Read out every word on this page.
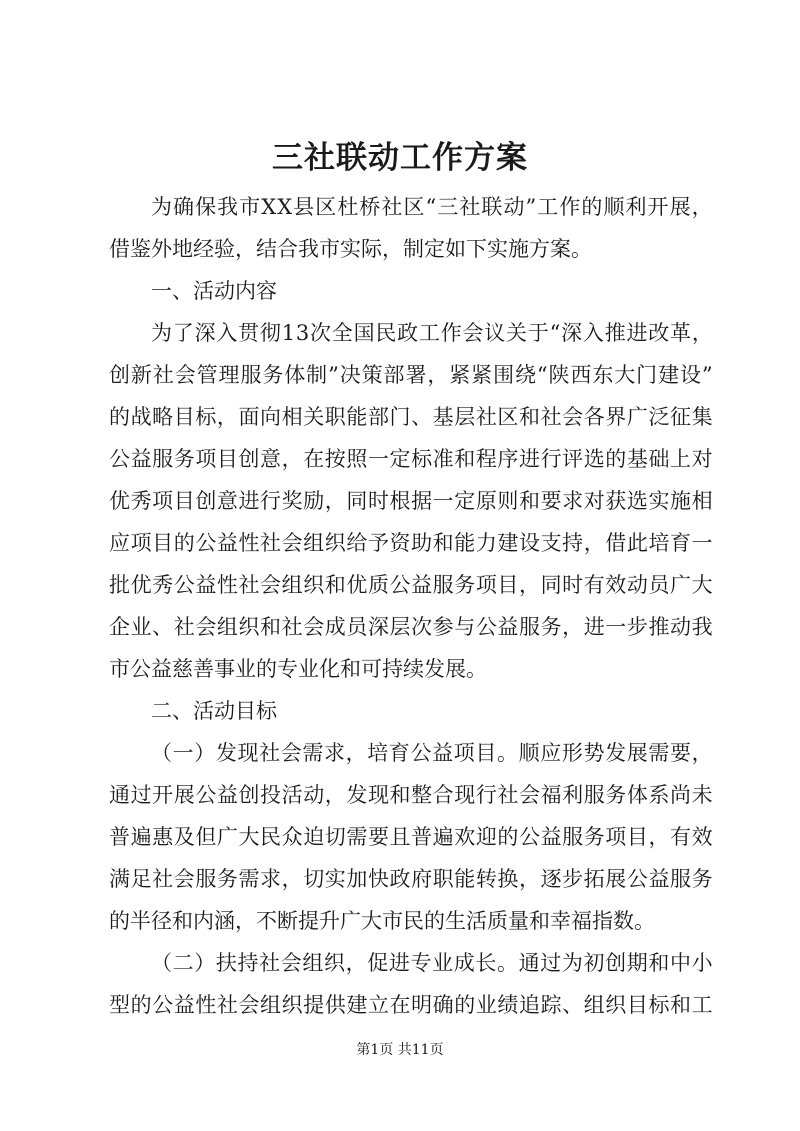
三社联动工作方案
为 确 保 我 市 X X 县 区 杜 桥 社 区 “ 三 社 联 动 ” 工 作 的 顺 利 开 展 ，
借鉴外地经验，结合我市实际，制定如下实施方案。
一、活动内容
为 了 深 入 贯 彻 1 3 次 全 国 民 政 工 作 会 议 关 于 “ 深 入 推 进 改 革 ，
创 新 社 会 管 理 服 务 体 制 ” 决 策 部 署 ， 紧 紧 围 绕 “ 陕 西 东 大 门 建 设 ”
的 战 略 目 标 ， 面 向 相 关 职 能 部 门 、 基 层 社 区 和 社 会 各 界 广 泛 征 集
公 益 服 务 项 目 创 意 ， 在 按 照 一 定 标 准 和 程 序 进 行 评 选 的 基 础 上 对
优 秀 项 目 创 意 进 行 奖 励 ， 同 时 根 据 一 定 原 则 和 要 求 对 获 选 实 施 相
应 项 目 的 公 益 性 社 会 组 织 给 予 资 助 和 能 力 建 设 支 持 ， 借 此 培 育 一
批 优 秀 公 益 性 社 会 组 织 和 优 质 公 益 服 务 项 目 ， 同 时 有 效 动 员 广 大
企 业 、 社 会 组 织 和 社 会 成 员 深 层 次 参 与 公 益 服 务 ， 进 一 步 推 动 我
市公益慈善事业的专业化和可持续发展。
二、活动目标
（ 一 ） 发 现 社 会 需 求 ， 培 育 公 益 项 目 。 顺 应 形 势 发 展 需 要 ，
通 过 开 展 公 益 创 投 活 动 ， 发 现 和 整 合 现 行 社 会 福 利 服 务 体 系 尚 未
普 遍 惠 及 但 广 大 民 众 迫 切 需 要 且 普 遍 欢 迎 的 公 益 服 务 项 目 ， 有 效
满 足 社 会 服 务 需 求 ， 切 实 加 快 政 府 职 能 转 换 ， 逐 步 拓 展 公 益 服 务
的半径和内涵，不断提升广大市民的生活质量和幸福指数。
（ 二 ） 扶 持 社 会 组 织 ， 促 进 专 业 成 长 。 通 过 为 初 创 期 和 中 小
型 的 公 益 性 社 会 组 织 提 供 建 立 在 明 确 的 业 绩 追 踪 、 组 织 目 标 和 工
第1页 共11页
